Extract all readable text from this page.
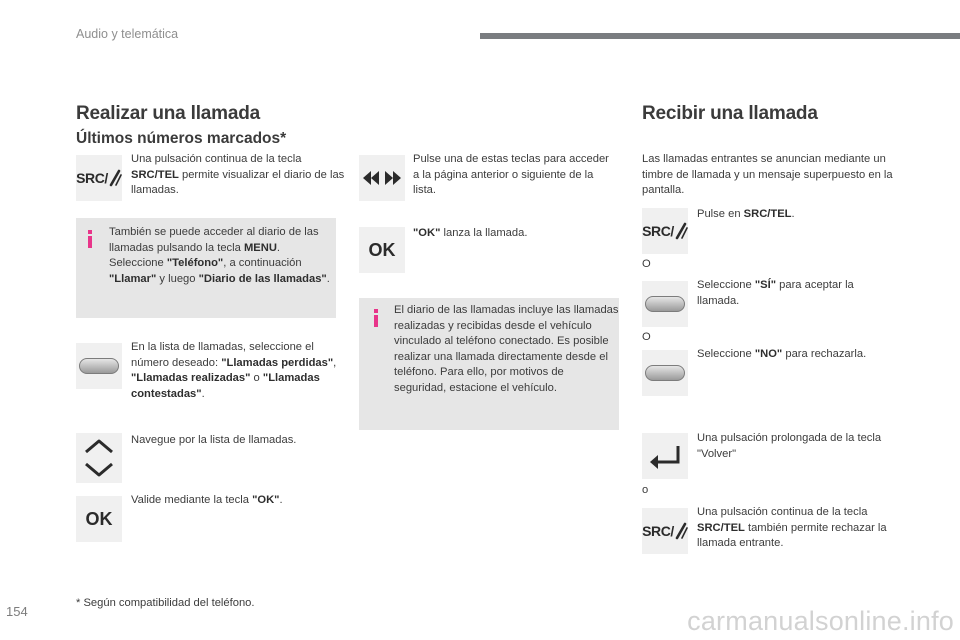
Audio y telemática
Realizar una llamada
Últimos números marcados*
SRC/
Una pulsación continua de la tecla
SRC/TEL permite visualizar el diario de las llamadas.
También se puede acceder al diario de las llamadas pulsando la tecla MENU. Seleccione "Teléfono", a continuación "Llamar" y luego "Diario de las llamadas".
En la lista de llamadas, seleccione el número deseado: "Llamadas perdidas", "Llamadas realizadas" o "Llamadas contestadas".
Navegue por la lista de llamadas.
OK
Valide mediante la tecla "OK".
* Según compatibilidad del teléfono.
Pulse una de estas teclas para acceder a la página anterior o siguiente de la lista.
OK
"OK" lanza la llamada.
El diario de las llamadas incluye las llamadas realizadas y recibidas desde el vehículo vinculado al teléfono conectado. Es posible realizar una llamada directamente desde el teléfono. Para ello, por motivos de seguridad, estacione el vehículo.
Recibir una llamada
Las llamadas entrantes se anuncian mediante un timbre de llamada y un mensaje superpuesto en la pantalla.
SRC/
Pulse en SRC/TEL.
O
Seleccione "SÍ" para aceptar la llamada.
O
Seleccione "NO" para rechazarla.
Una pulsación prolongada de la tecla "Volver"
o
SRC/
Una pulsación continua de la tecla
SRC/TEL también permite rechazar la llamada entrante.
154	carmanualsonline.info
